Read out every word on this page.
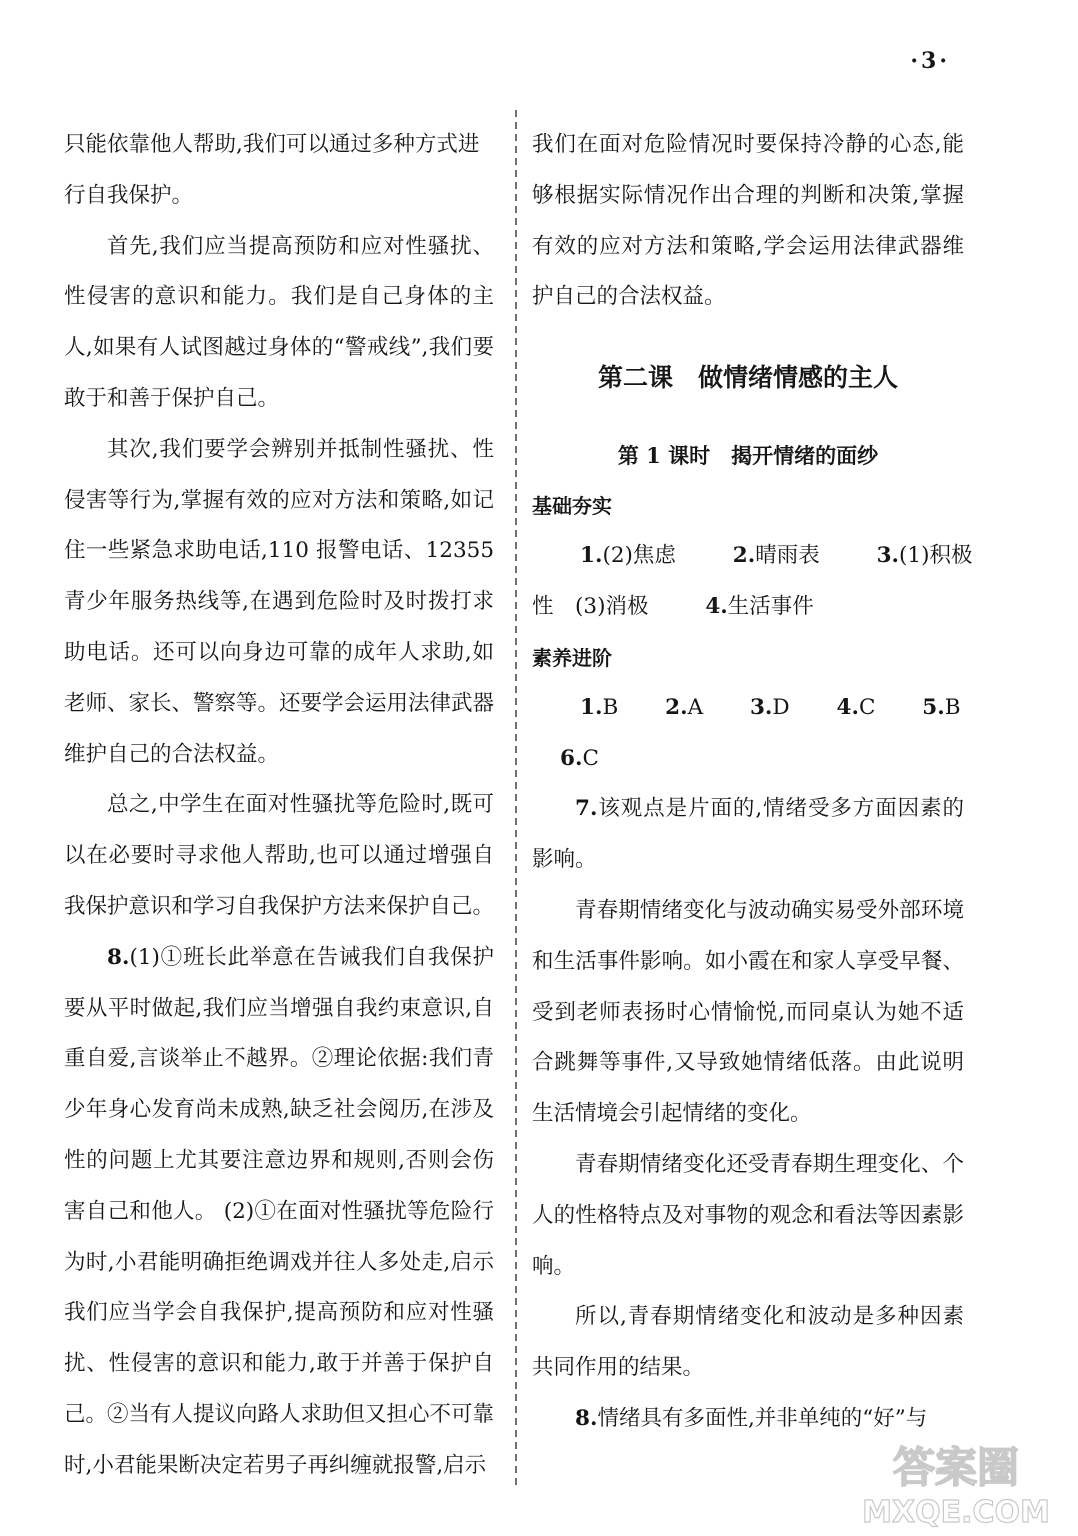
·3·

只能依靠他人帮助,我们可以通过多种方式进

行自我保护。

首先,我们应当提高预防和应对性骚扰、性侵害的意识和能力。我们是自己身体的主人,如果有人试图越过身体的“警戒线”,我们要敢于和善于保护自己。

其次,我们要学会辨别并抵制性骚扰、性侵害等行为,掌握有效的应对方法和策略,如记住一些紧急求助电话,110 报警电话、12355 青少年服务热线等,在遇到危险时及时拨打求助电话。还可以向身边可靠的成年人求助,如老师、家长、警察等。还要学会运用法律武器维护自己的合法权益。

总之,中学生在面对性骚扰等危险时,既可以在必要时寻求他人帮助,也可以通过增强自我保护意识和学习自我保护方法来保护自己。

8.(1)①班长此举意在告诫我们自我保护要从平时做起,我们应当增强自我约束意识,自重自爱,言谈举止不越界。②理论依据:我们青少年身心发育尚未成熟,缺乏社会阅历,在涉及性的问题上尤其要注意边界和规则,否则会伤害自己和他人。 (2)①在面对性骚扰等危险行为时,小君能明确拒绝调戏并往人多处走,启示我们应当学会自我保护,提高预防和应对性骚扰、性侵害的意识和能力,敢于并善于保护自己。②当有人提议向路人求助但又担心不可靠时,小君能果断决定若男子再纠缠就报警,启示

我们在面对危险情况时要保持冷静的心态,能够根据实际情况作出合理的判断和决策,掌握有效的应对方法和策略,学会运用法律武器维护自己的合法权益。

第二课　做情绪情感的主人
第 1 课时　揭开情绪的面纱
基础夯实
1.(2)焦虑	2.晴雨表	3.(1)积极
性　(3)消极	4.生活事件
素养进阶
1.B 2.A 3.D 4.C 5.B
6.C

7.该观点是片面的,情绪受多方面因素的影响。

青春期情绪变化与波动确实易受外部环境和生活事件影响。如小霞在和家人享受早餐、受到老师表扬时心情愉悦,而同桌认为她不适合跳舞等事件,又导致她情绪低落。由此说明生活情境会引起情绪的变化。

青春期情绪变化还受青春期生理变化、个人的性格特点及对事物的观念和看法等因素影响。

所以,青春期情绪变化和波动是多种因素共同作用的结果。

8.情绪具有多面性,并非单纯的“好”与

答案圈
MXQE.COM
